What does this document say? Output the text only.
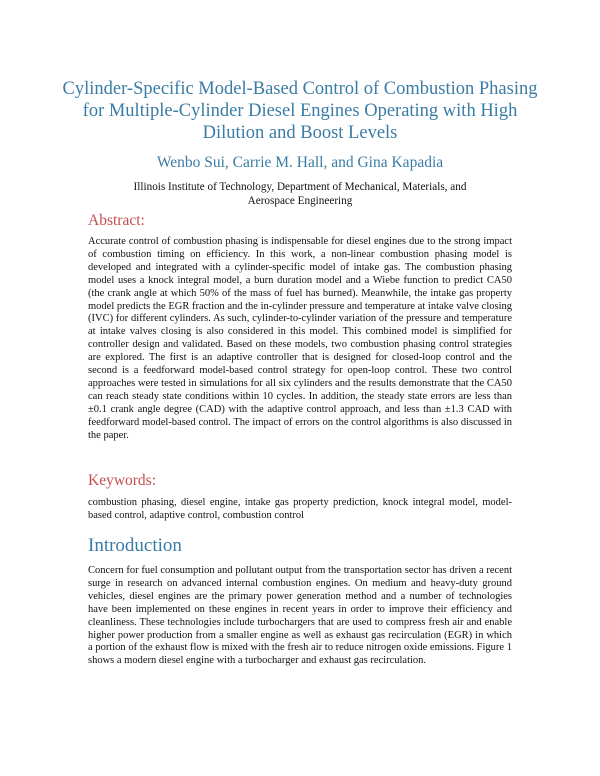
Cylinder-Specific Model-Based Control of Combustion Phasing for Multiple-Cylinder Diesel Engines Operating with High Dilution and Boost Levels
Wenbo Sui, Carrie M. Hall, and Gina Kapadia
Illinois Institute of Technology, Department of Mechanical, Materials, and Aerospace Engineering
Abstract:
Accurate control of combustion phasing is indispensable for diesel engines due to the strong impact of combustion timing on efficiency. In this work, a non-linear combustion phasing model is developed and integrated with a cylinder-specific model of intake gas. The combustion phasing model uses a knock integral model, a burn duration model and a Wiebe function to predict CA50 (the crank angle at which 50% of the mass of fuel has burned). Meanwhile, the intake gas property model predicts the EGR fraction and the in-cylinder pressure and temperature at intake valve closing (IVC) for different cylinders. As such, cylinder-to-cylinder variation of the pressure and temperature at intake valves closing is also considered in this model. This combined model is simplified for controller design and validated. Based on these models, two combustion phasing control strategies are explored. The first is an adaptive controller that is designed for closed-loop control and the second is a feedforward model-based control strategy for open-loop control. These two control approaches were tested in simulations for all six cylinders and the results demonstrate that the CA50 can reach steady state conditions within 10 cycles. In addition, the steady state errors are less than ±0.1 crank angle degree (CAD) with the adaptive control approach, and less than ±1.3 CAD with feedforward model-based control. The impact of errors on the control algorithms is also discussed in the paper.
Keywords:
combustion phasing, diesel engine, intake gas property prediction, knock integral model, model-based control, adaptive control, combustion control
Introduction
Concern for fuel consumption and pollutant output from the transportation sector has driven a recent surge in research on advanced internal combustion engines. On medium and heavy-duty ground vehicles, diesel engines are the primary power generation method and a number of technologies have been implemented on these engines in recent years in order to improve their efficiency and cleanliness. These technologies include turbochargers that are used to compress fresh air and enable higher power production from a smaller engine as well as exhaust gas recirculation (EGR) in which a portion of the exhaust flow is mixed with the fresh air to reduce nitrogen oxide emissions. Figure 1 shows a modern diesel engine with a turbocharger and exhaust gas recirculation.
